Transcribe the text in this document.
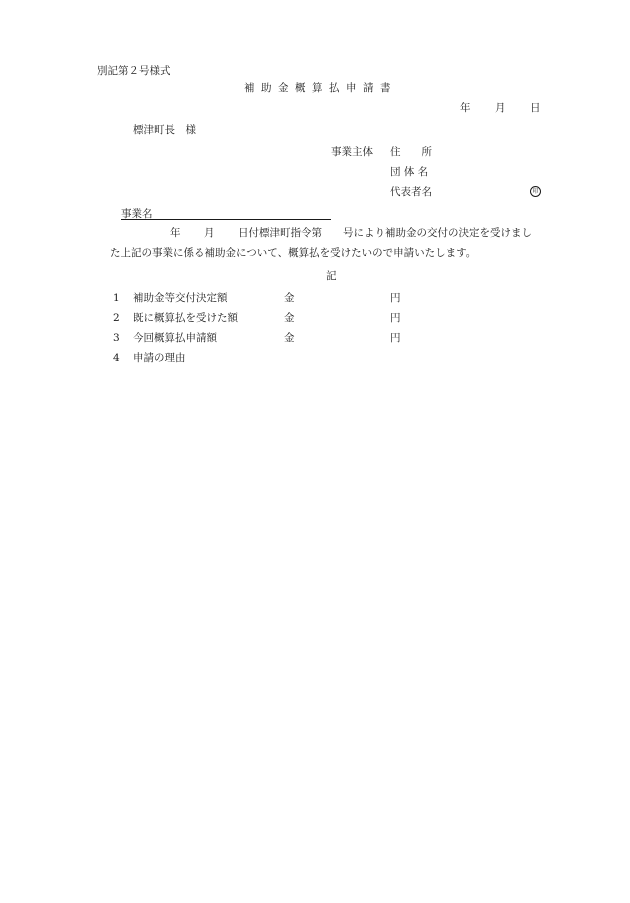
別記第２号様式
補助金概算払申請書
年 月 日
標津町長　様
事業主体 住　　所
団 体 名
代表者名	印
事業名
年 月 日付標津町指令第　　号により補助金の交付の決定を受けまし
た上記の事業に係る補助金について、概算払を受けたいので申請いたします。
記
1 補助金等交付決定額	金	円
2 既に概算払を受けた額	金	円
3 今回概算払申請額	金	円
4 申請の理由
